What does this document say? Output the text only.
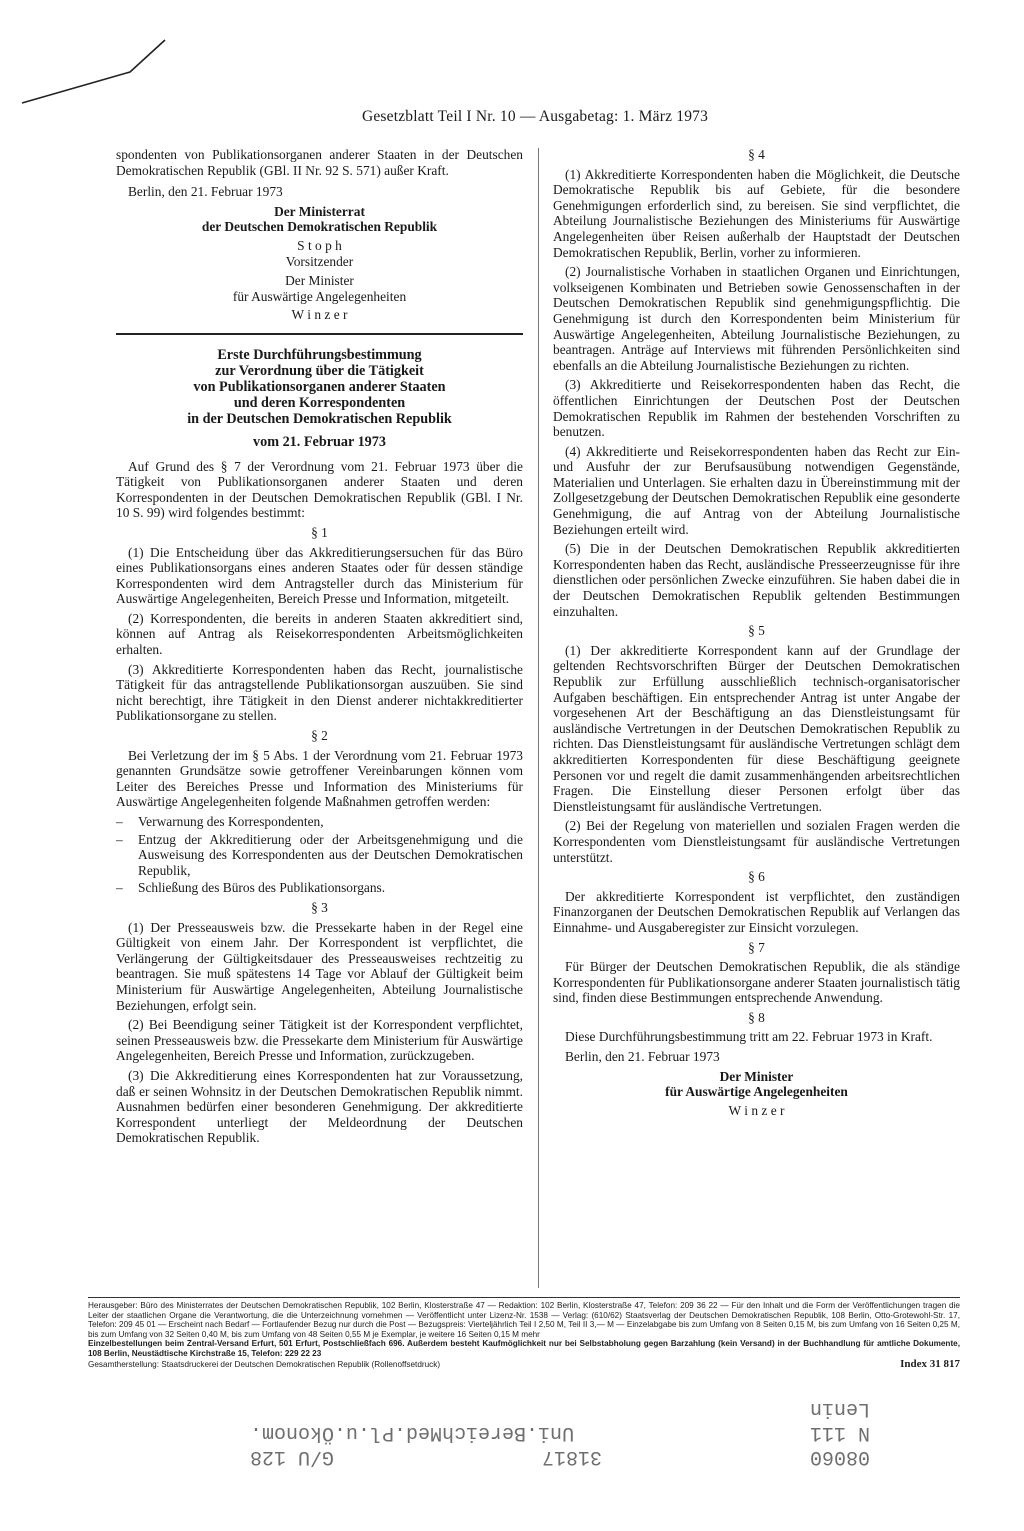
Gesetzblatt Teil I Nr. 10 — Ausgabetag: 1. März 1973

spondenten von Publikationsorganen anderer Staaten in der Deutschen Demokratischen Republik (GBl. II Nr. 92 S. 571) außer Kraft.

Berlin, den 21. Februar 1973

Der Ministerrat

der Deutschen Demokratischen Republik

S t o p h

Vorsitzender

Der Minister

für Auswärtige Angelegenheiten

W i n z e r

Erste Durchführungsbestimmung
zur Verordnung über die Tätigkeit
von Publikationsorganen anderer Staaten
und deren Korrespondenten
in der Deutschen Demokratischen Republik
vom 21. Februar 1973

Auf Grund des § 7 der Verordnung vom 21. Februar 1973 über die Tätigkeit von Publikationsorganen anderer Staaten und deren Korrespondenten in der Deutschen Demokratischen Republik (GBl. I Nr. 10 S. 99) wird folgendes bestimmt:

§ 1

(1) Die Entscheidung über das Akkreditierungsersuchen für das Büro eines Publikationsorgans eines anderen Staates oder für dessen ständige Korrespondenten wird dem Antragsteller durch das Ministerium für Auswärtige Angelegenheiten, Bereich Presse und Information, mitgeteilt.

(2) Korrespondenten, die bereits in anderen Staaten akkreditiert sind, können auf Antrag als Reisekorrespondenten Arbeitsmöglichkeiten erhalten.

(3) Akkreditierte Korrespondenten haben das Recht, journalistische Tätigkeit für das antragstellende Publikationsorgan auszuüben. Sie sind nicht berechtigt, ihre Tätigkeit in den Dienst anderer nichtakkreditierter Publikationsorgane zu stellen.

§ 2

Bei Verletzung der im § 5 Abs. 1 der Verordnung vom 21. Februar 1973 genannten Grundsätze sowie getroffener Vereinbarungen können vom Leiter des Bereiches Presse und Information des Ministeriums für Auswärtige Angelegenheiten folgende Maßnahmen getroffen werden:

– Verwarnung des Korrespondenten,
– Entzug der Akkreditierung oder der Arbeitsgenehmigung und die Ausweisung des Korrespondenten aus der Deutschen Demokratischen Republik,
– Schließung des Büros des Publikationsorgans.

§ 3

(1) Der Presseausweis bzw. die Pressekarte haben in der Regel eine Gültigkeit von einem Jahr. Der Korrespondent ist verpflichtet, die Verlängerung der Gültigkeitsdauer des Presseausweises rechtzeitig zu beantragen. Sie muß spätestens 14 Tage vor Ablauf der Gültigkeit beim Ministerium für Auswärtige Angelegenheiten, Abteilung Journalistische Beziehungen, erfolgt sein.

(2) Bei Beendigung seiner Tätigkeit ist der Korrespondent verpflichtet, seinen Presseausweis bzw. die Pressekarte dem Ministerium für Auswärtige Angelegenheiten, Bereich Presse und Information, zurückzugeben.

(3) Die Akkreditierung eines Korrespondenten hat zur Voraussetzung, daß er seinen Wohnsitz in der Deutschen Demokratischen Republik nimmt. Ausnahmen bedürfen einer besonderen Genehmigung. Der akkreditierte Korrespondent unterliegt der Meldeordnung der Deutschen Demokratischen Republik.

§ 4

(1) Akkreditierte Korrespondenten haben die Möglichkeit, die Deutsche Demokratische Republik bis auf Gebiete, für die besondere Genehmigungen erforderlich sind, zu bereisen. Sie sind verpflichtet, die Abteilung Journalistische Beziehungen des Ministeriums für Auswärtige Angelegenheiten über Reisen außerhalb der Hauptstadt der Deutschen Demokratischen Republik, Berlin, vorher zu informieren.

(2) Journalistische Vorhaben in staatlichen Organen und Einrichtungen, volkseigenen Kombinaten und Betrieben sowie Genossenschaften in der Deutschen Demokratischen Republik sind genehmigungspflichtig. Die Genehmigung ist durch den Korrespondenten beim Ministerium für Auswärtige Angelegenheiten, Abteilung Journalistische Beziehungen, zu beantragen. Anträge auf Interviews mit führenden Persönlichkeiten sind ebenfalls an die Abteilung Journalistische Beziehungen zu richten.

(3) Akkreditierte und Reisekorrespondenten haben das Recht, die öffentlichen Einrichtungen der Deutschen Post der Deutschen Demokratischen Republik im Rahmen der bestehenden Vorschriften zu benutzen.

(4) Akkreditierte und Reisekorrespondenten haben das Recht zur Ein- und Ausfuhr der zur Berufsausübung notwendigen Gegenstände, Materialien und Unterlagen. Sie erhalten dazu in Übereinstimmung mit der Zollgesetzgebung der Deutschen Demokratischen Republik eine gesonderte Genehmigung, die auf Antrag von der Abteilung Journalistische Beziehungen erteilt wird.

(5) Die in der Deutschen Demokratischen Republik akkreditierten Korrespondenten haben das Recht, ausländische Presseerzeugnisse für ihre dienstlichen oder persönlichen Zwecke einzuführen. Sie haben dabei die in der Deutschen Demokratischen Republik geltenden Bestimmungen einzuhalten.

§ 5

(1) Der akkreditierte Korrespondent kann auf der Grundlage der geltenden Rechtsvorschriften Bürger der Deutschen Demokratischen Republik zur Erfüllung ausschließlich technisch-organisatorischer Aufgaben beschäftigen. Ein entsprechender Antrag ist unter Angabe der vorgesehenen Art der Beschäftigung an das Dienstleistungsamt für ausländische Vertretungen in der Deutschen Demokratischen Republik zu richten. Das Dienstleistungsamt für ausländische Vertretungen schlägt dem akkreditierten Korrespondenten für diese Beschäftigung geeignete Personen vor und regelt die damit zusammenhängenden arbeitsrechtlichen Fragen. Die Einstellung dieser Personen erfolgt über das Dienstleistungsamt für ausländische Vertretungen.

(2) Bei der Regelung von materiellen und sozialen Fragen werden die Korrespondenten vom Dienstleistungsamt für ausländische Vertretungen unterstützt.

§ 6

Der akkreditierte Korrespondent ist verpflichtet, den zuständigen Finanzorganen der Deutschen Demokratischen Republik auf Verlangen das Einnahme- und Ausgaberegister zur Einsicht vorzulegen.

§ 7

Für Bürger der Deutschen Demokratischen Republik, die als ständige Korrespondenten für Publikationsorgane anderer Staaten journalistisch tätig sind, finden diese Bestimmungen entsprechende Anwendung.

§ 8

Diese Durchführungsbestimmung tritt am 22. Februar 1973 in Kraft.

Berlin, den 21. Februar 1973

Der Minister

für Auswärtige Angelegenheiten

W i n z e r

Herausgeber: Büro des Ministerrates der Deutschen Demokratischen Republik, 102 Berlin, Klosterstraße 47 — Redaktion: 102 Berlin, Klosterstraße 47, Telefon: 209 36 22 — Für den Inhalt und die Form der Veröffentlichungen tragen die Leiter der staatlichen Organe die Verantwortung, die die Unterzeichnung vornehmen — Veröffentlicht unter Lizenz-Nr. 1538 — Verlag: (610/62) Staatsverlag der Deutschen Demokratischen Republik, 108 Berlin, Otto-Grotewohl-Str. 17, Telefon: 209 45 01 — Erscheint nach Bedarf — Fortlaufender Bezug nur durch die Post — Bezugspreis: Vierteljährlich Teil I 2,50 M, Teil II 3,— M — Einzelabgabe bis zum Umfang von 8 Seiten 0,15 M, bis zum Umfang von 16 Seiten 0,25 M, bis zum Umfang von 32 Seiten 0,40 M, bis zum Umfang von 48 Seiten 0,55 M je Exemplar, je weitere 16 Seiten 0,15 M mehr
Einzelbestellungen beim Zentral-Versand Erfurt, 501 Erfurt, Postschließfach 696. Außerdem besteht Kaufmöglichkeit nur bei Selbstabholung gegen Barzahlung (kein Versand) in der Buchhandlung für amtliche Dokumente, 108 Berlin, Neustädtische Kirchstraße 15, Telefon: 229 22 23
Gesamtherstellung: Staatsdruckerei der Deutschen Demokratischen Republik (Rollenoffsetdruck)	Index 31 817
08060
31817
G/U 128
N 111
Uni.BereichMed.Pl.u.Ökonom.
Lenin
